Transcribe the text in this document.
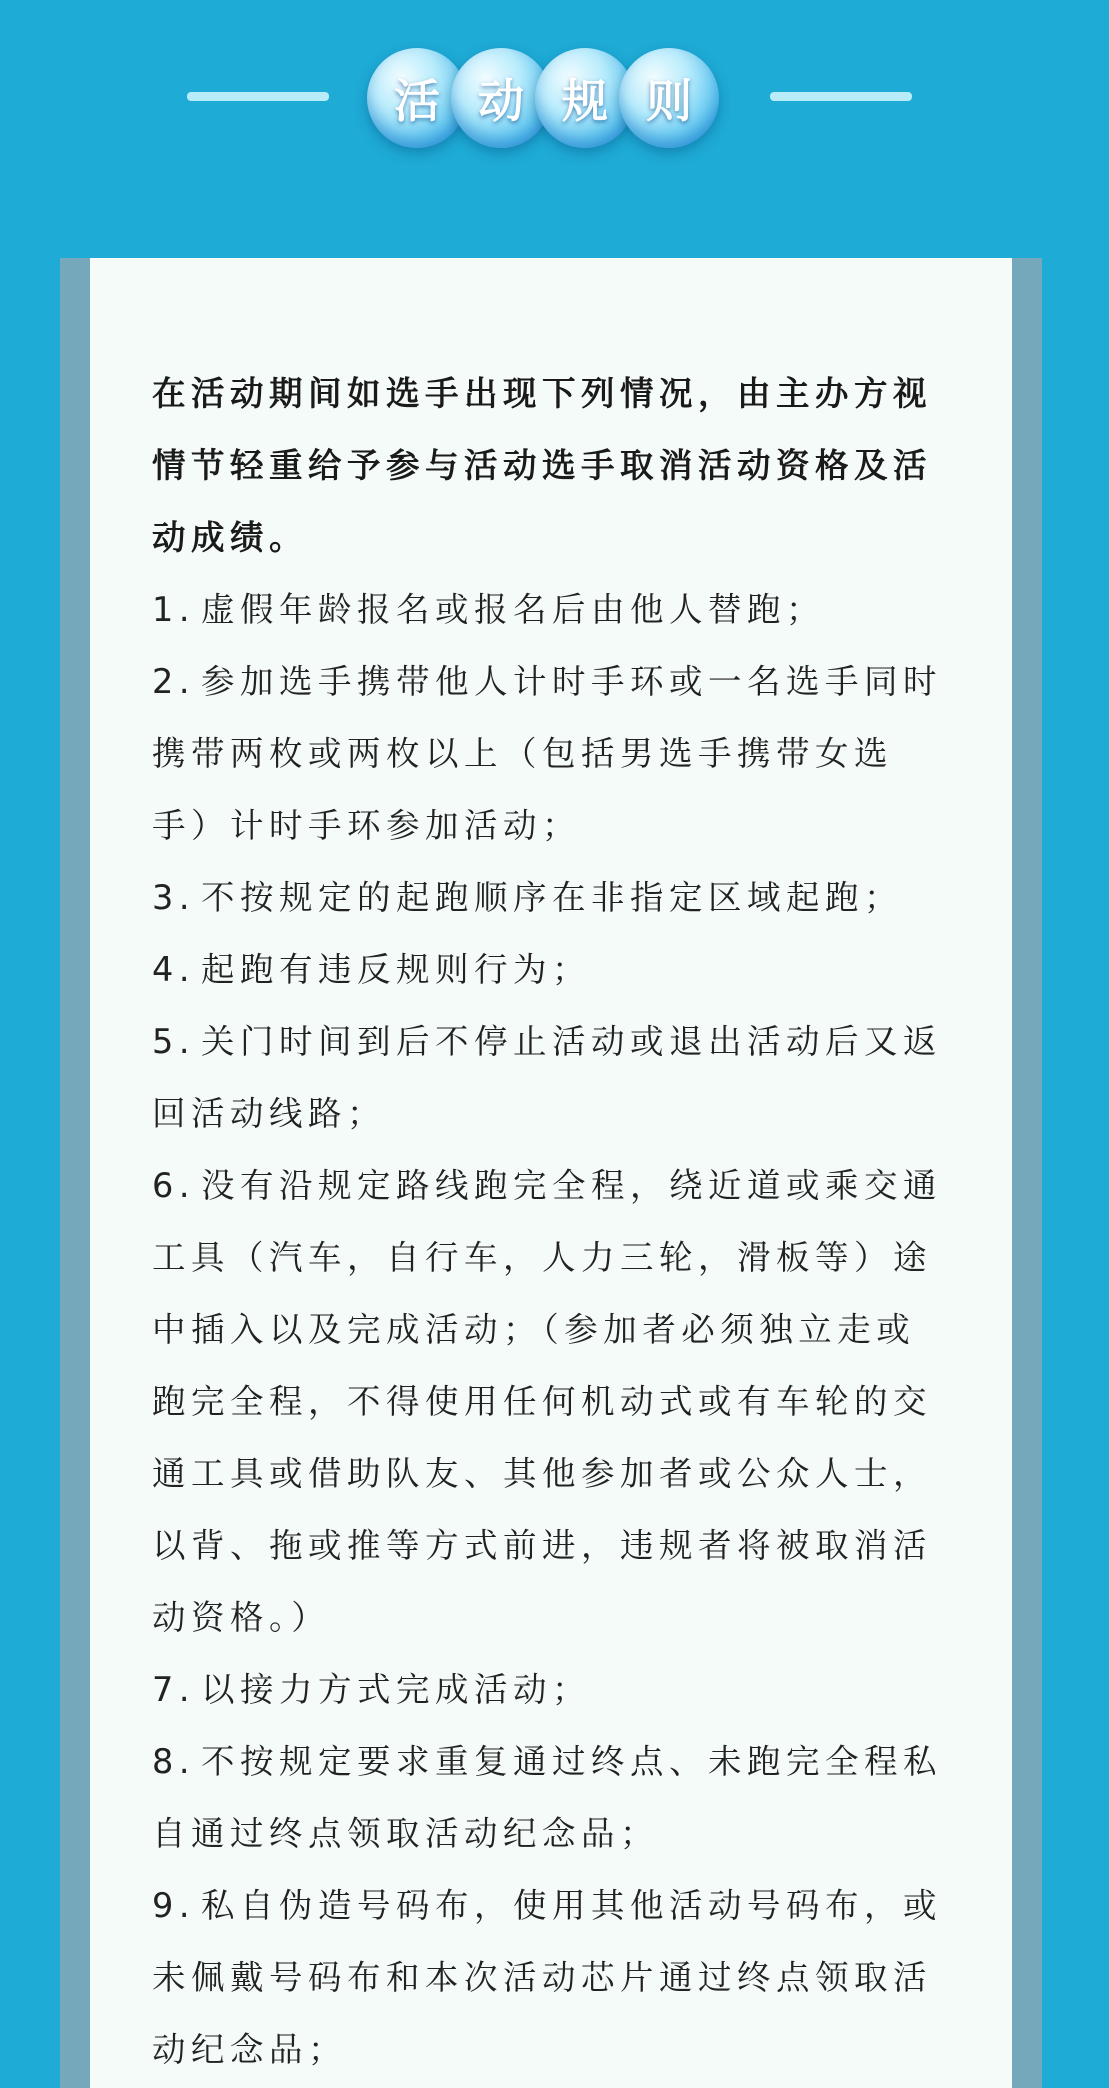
活 动 规 则

在活动期间如选手出现下列情况，由主办方视情节轻重给予参与活动选手取消活动资格及活动成绩。

1. 虚假年龄报名或报名后由他人替跑；

2. 参加选手携带他人计时手环或一名选手同时携带两枚或两枚以上（包括男选手携带女选手）计时手环参加活动；

3. 不按规定的起跑顺序在非指定区域起跑；

4. 起跑有违反规则行为；

5. 关门时间到后不停止活动或退出活动后又返回活动线路；

6. 没有沿规定路线跑完全程，绕近道或乘交通工具（汽车，自行车，人力三轮，滑板等）途中插入以及完成活动；（参加者必须独立走或跑完全程，不得使用任何机动式或有车轮的交通工具或借助队友、其他参加者或公众人士，以背、拖或推等方式前进，违规者将被取消活动资格。）

7. 以接力方式完成活动；

8. 不按规定要求重复通过终点、未跑完全程私自通过终点领取活动纪念品；

9. 私自伪造号码布，使用其他活动号码布，或未佩戴号码布和本次活动芯片通过终点领取活动纪念品；
